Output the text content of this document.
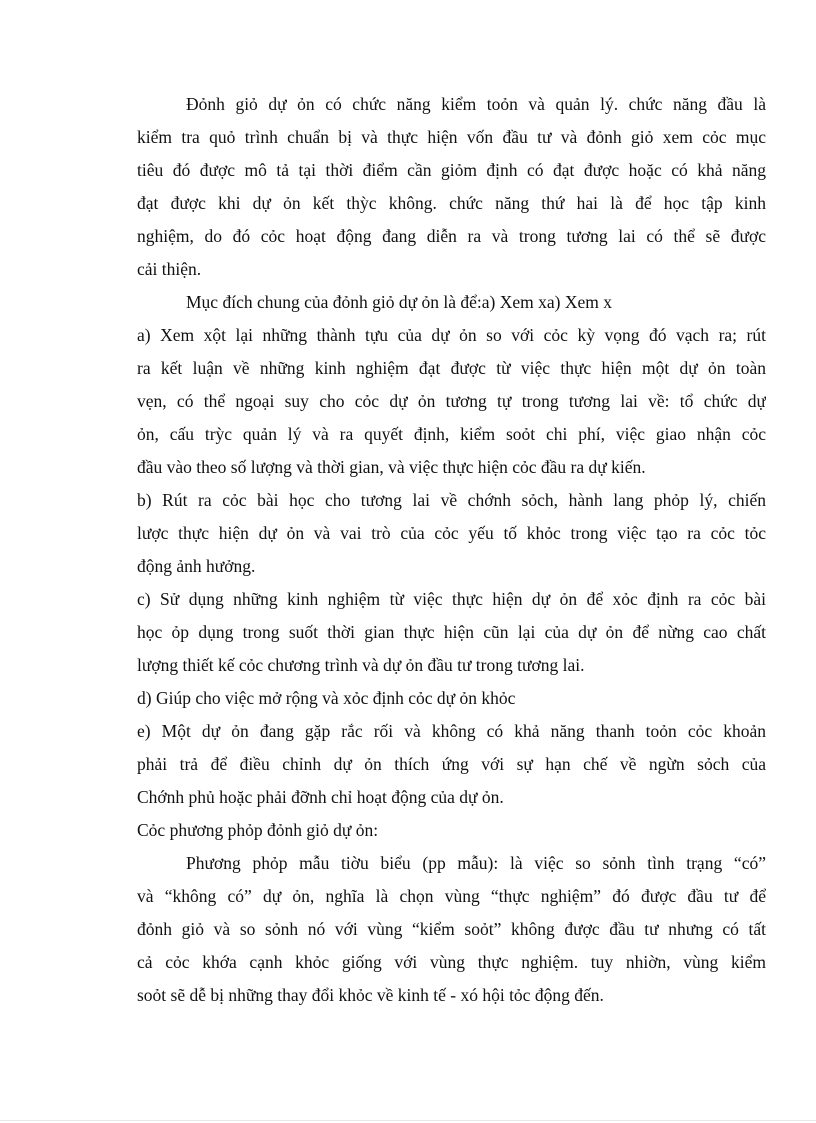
Đỏnh giỏ dự ỏn có chức năng kiểm toỏn và quản lý. chức năng đầu là
kiểm tra quỏ trình chuẩn bị và thực hiện vốn đầu tư và đỏnh giỏ xem cỏc mục
tiêu đó được mô tả tại thời điểm cần giỏm định có đạt được hoặc có khả năng
đạt được khi dự ỏn kết thỳc không. chức năng thứ hai là để học tập kinh
nghiệm, do đó cỏc hoạt động đang diễn ra và trong tương lai có thể sẽ được
cải thiện.
Mục đích chung của đỏnh giỏ dự ỏn là để:a) Xem xa) Xem x
a) Xem xột lại những thành tựu của dự ỏn so với cỏc kỳ vọng đó vạch ra; rút
ra kết luận về những kinh nghiệm đạt được từ việc thực hiện một dự ỏn toàn
vẹn, có thể ngoại suy cho cỏc dự ỏn tương tự trong tương lai về: tổ chức dự
ỏn, cấu trỳc quản lý và ra quyết định, kiểm soỏt chi phí, việc giao nhận cỏc
đầu vào theo số lượng và thời gian, và việc thực hiện cỏc đầu ra dự kiến.
b) Rút ra cỏc bài học cho tương lai về chớnh sỏch, hành lang phỏp lý, chiến
lược thực hiện dự ỏn và vai trò của cỏc yếu tố khỏc trong việc tạo ra cỏc tỏc
động ảnh hưởng.
c) Sử dụng những kinh nghiệm từ việc thực hiện dự ỏn để xỏc định ra cỏc bài
học ỏp dụng trong suốt thời gian thực hiện cũn lại của dự ỏn để nừng cao chất
lượng thiết kế cỏc chương trình và dự ỏn đầu tư trong tương lai.
d) Giúp cho việc mở rộng và xỏc định cỏc dự ỏn khỏc
e) Một dự ỏn đang gặp rắc rối và không có khả năng thanh toỏn cỏc khoản
phải trả để điều chỉnh dự ỏn thích ứng với sự hạn chế về ngừn sỏch của
Chớnh phủ hoặc phải đỡnh chỉ hoạt động của dự ỏn.
Cỏc phương phỏp đỏnh giỏ dự ỏn:
Phương phỏp mẫu tiờu biểu (pp mẫu): là việc so sỏnh tình trạng “có”
và “không có” dự ỏn, nghĩa là chọn vùng “thực nghiệm” đó được đầu tư để
đỏnh giỏ và so sỏnh nó với vùng “kiểm soỏt” không được đầu tư nhưng có tất
cả cỏc khớa cạnh khỏc giống với vùng thực nghiệm. tuy nhiờn, vùng kiểm
soỏt sẽ dễ bị những thay đổi khỏc về kinh tế - xó hội tỏc động đến.
